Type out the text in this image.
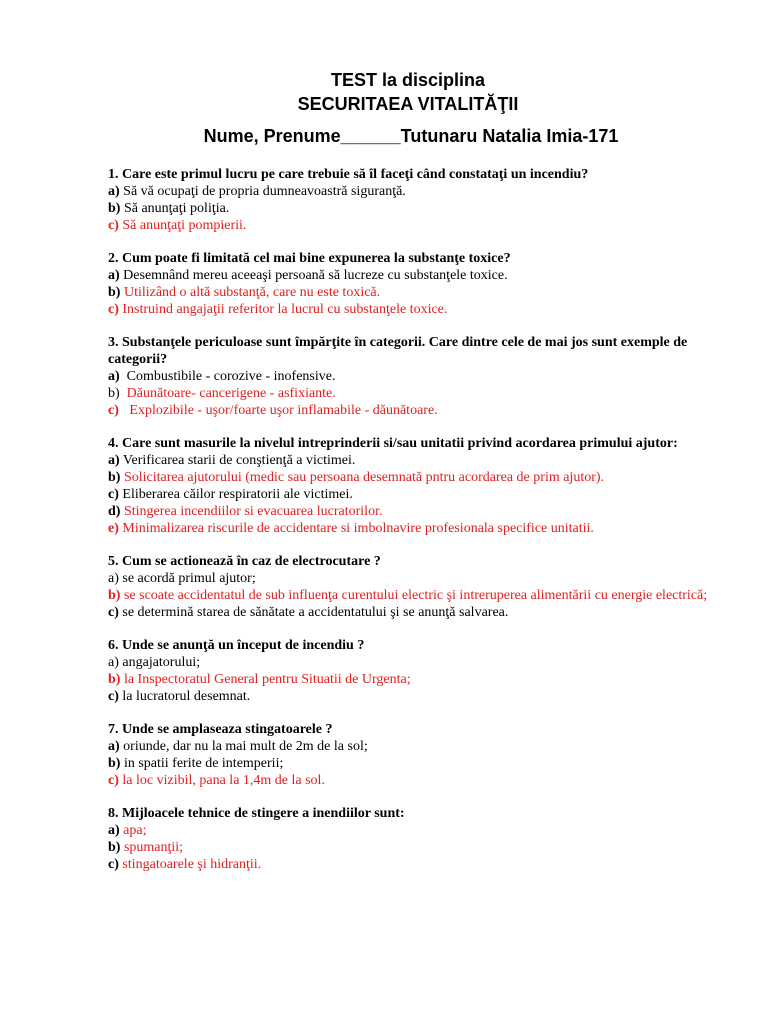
TEST la disciplina
SECURITAEA VITALITĂŢII
Nume, Prenume______Tutunaru Natalia Imia-171
1. Care este primul lucru pe care trebuie să îl faceţi când constataţi un incendiu?
a) Să vă ocupaţi de propria dumneavoastră siguranţă.
b) Să anunţaţi poliţia.
c) Să anunţaţi pompierii.
2. Cum poate fi limitată cel mai bine expunerea la substanţe toxice?
a) Desemnând mereu aceeaşi persoană să lucreze cu substanţele toxice.
b) Utilizând o altă substanţă, care nu este toxică.
c) Instruind angajaţii referitor la lucrul cu substanţele toxice.
3. Substanţele periculoase sunt împărţite în categorii. Care dintre cele de mai jos sunt exemple de categorii?
a)  Combustibile - corozive - inofensive.
b)  Dăunătoare- cancerigene - asfixiante.
c)   Explozibile - uşor/foarte uşor inflamabile - dăunătoare.
4. Care sunt masurile la nivelul intreprinderii si/sau unitatii privind acordarea primului ajutor:
a) Verificarea starii de conştienţă a victimei.
b) Solicitarea ajutorului (medic sau persoana desemnată pntru acordarea de prim ajutor).
c) Eliberarea căilor respiratorii ale victimei.
d) Stingerea incendiilor si evacuarea lucratorilor.
e) Minimalizarea riscurile de accidentare si imbolnavire profesionala specifice unitatii.
5. Cum se actionează în caz de electrocutare ?
a) se acordă primul ajutor;
b) se scoate accidentatul de sub influenţa curentului electric şi intreruperea alimentării cu energie electrică;
c) se determină starea de sănătate a accidentatului şi se anunţă salvarea.
6. Unde se anunţă un început de incendiu ?
a) angajatorului;
b) la Inspectoratul General pentru Situatii de Urgenta;
c) la lucratorul desemnat.
7. Unde se amplaseaza stingatoarele ?
a) oriunde, dar nu la mai mult de 2m de la sol;
b) in spatii ferite de intemperii;
c) la loc vizibil, pana la 1,4m de la sol.
8. Mijloacele tehnice de stingere a inendiilor sunt:
a) apa;
b) spumanţii;
c) stingatoarele şi hidranţii.
